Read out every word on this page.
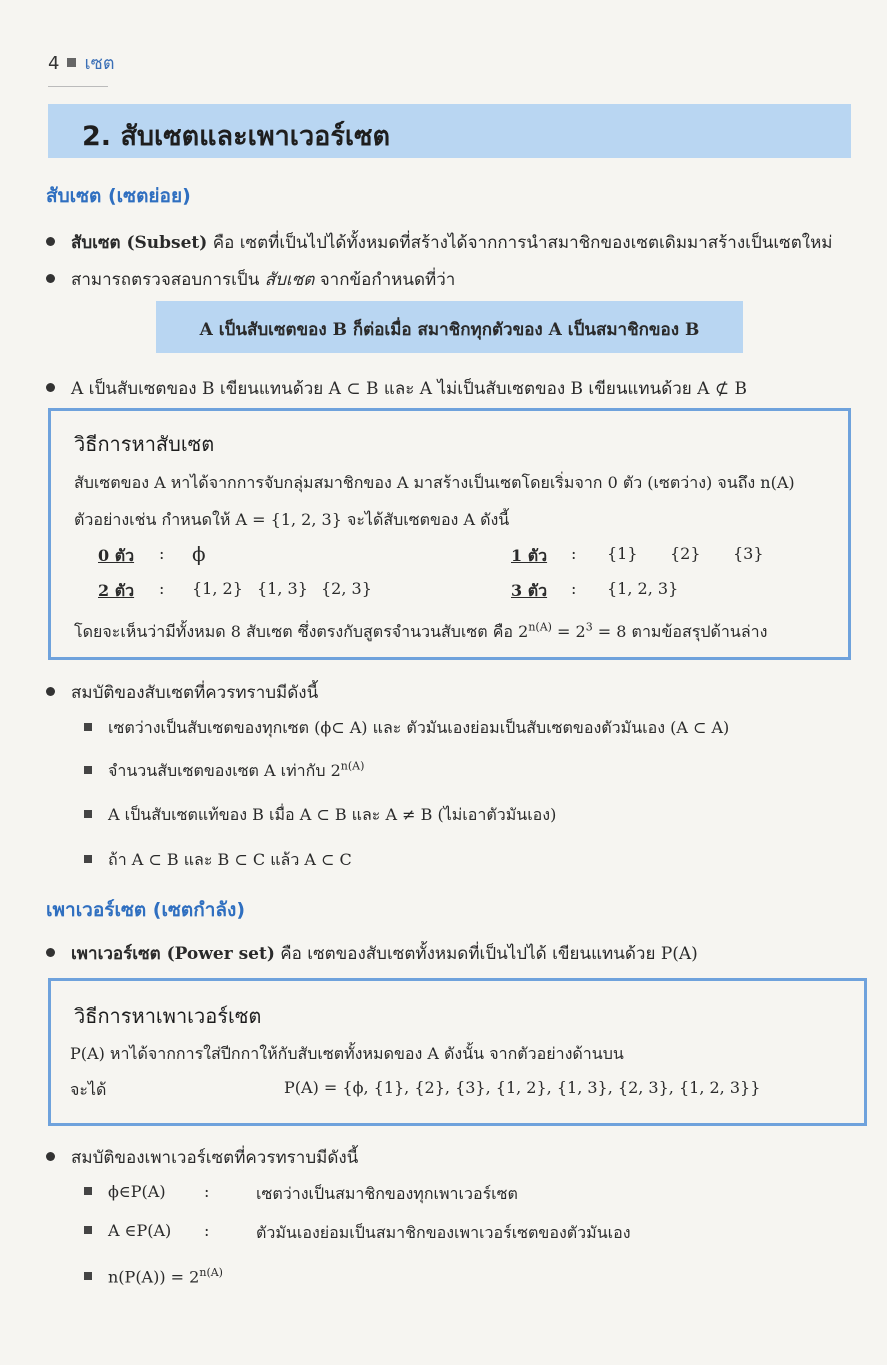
4 เซต
2. สับเซตและเพาเวอร์เซต
สับเซต (เซตย่อย)
สับเซต (Subset) คือ เซตที่เป็นไปได้ทั้งหมดที่สร้างได้จากการนำสมาชิกของเซตเดิมมาสร้างเป็นเซตใหม่
สามารถตรวจสอบการเป็น สับเซต จากข้อกำหนดที่ว่า
A เป็นสับเซตของ B ก็ต่อเมื่อ สมาชิกทุกตัวของ A เป็นสมาชิกของ B
A เป็นสับเซตของ B เขียนแทนด้วย A ⊂ B และ A ไม่เป็นสับเซตของ B เขียนแทนด้วย A ⊄ B
วิธีการหาสับเซต
สับเซตของ A หาได้จากการจับกลุ่มสมาชิกของ A มาสร้างเป็นเซตโดยเริ่มจาก 0 ตัว (เซตว่าง) จนถึง n(A)
ตัวอย่างเช่น กำหนดให้ A = {1, 2, 3} จะได้สับเซตของ A ดังนี้
0 ตัว : ϕ	1 ตัว : {1} {2} {3}
2 ตัว : {1, 2} {1, 3} {2, 3}	3 ตัว : {1, 2, 3}
โดยจะเห็นว่ามีทั้งหมด 8 สับเซต ซึ่งตรงกับสูตรจำนวนสับเซต คือ $2^{n(A)} = 2^3 = 8$ ตามข้อสรุปด้านล่าง
สมบัติของสับเซตที่ควรทราบมีดังนี้
เซตว่างเป็นสับเซตของทุกเซต (ϕ⊂ A) และ ตัวมันเองย่อมเป็นสับเซตของตัวมันเอง (A ⊂ A)
จำนวนสับเซตของเซต A เท่ากับ $2^{n(A)}$
A เป็นสับเซตแท้ของ B เมื่อ A ⊂ B และ A ≠ B (ไม่เอาตัวมันเอง)
ถ้า A ⊂ B และ B ⊂ C แล้ว A ⊂ C
เพาเวอร์เซต (เซตกำลัง)
เพาเวอร์เซต (Power set) คือ เซตของสับเซตทั้งหมดที่เป็นไปได้ เขียนแทนด้วย P(A)
วิธีการหาเพาเวอร์เซต
P(A) หาได้จากการใส่ปีกกาให้กับสับเซตทั้งหมดของ A ดังนั้น จากตัวอย่างด้านบน
จะได้	P(A) = {ϕ, {1}, {2}, {3}, {1, 2}, {1, 3}, {2, 3}, {1, 2, 3}}
สมบัติของเพาเวอร์เซตที่ควรทราบมีดังนี้
ϕ∈P(A) :	เซตว่างเป็นสมาชิกของทุกเพาเวอร์เซต
A ∈P(A) :	ตัวมันเองย่อมเป็นสมาชิกของเพาเวอร์เซตของตัวมันเอง
$n(P(A)) = 2^{n(A)}$
